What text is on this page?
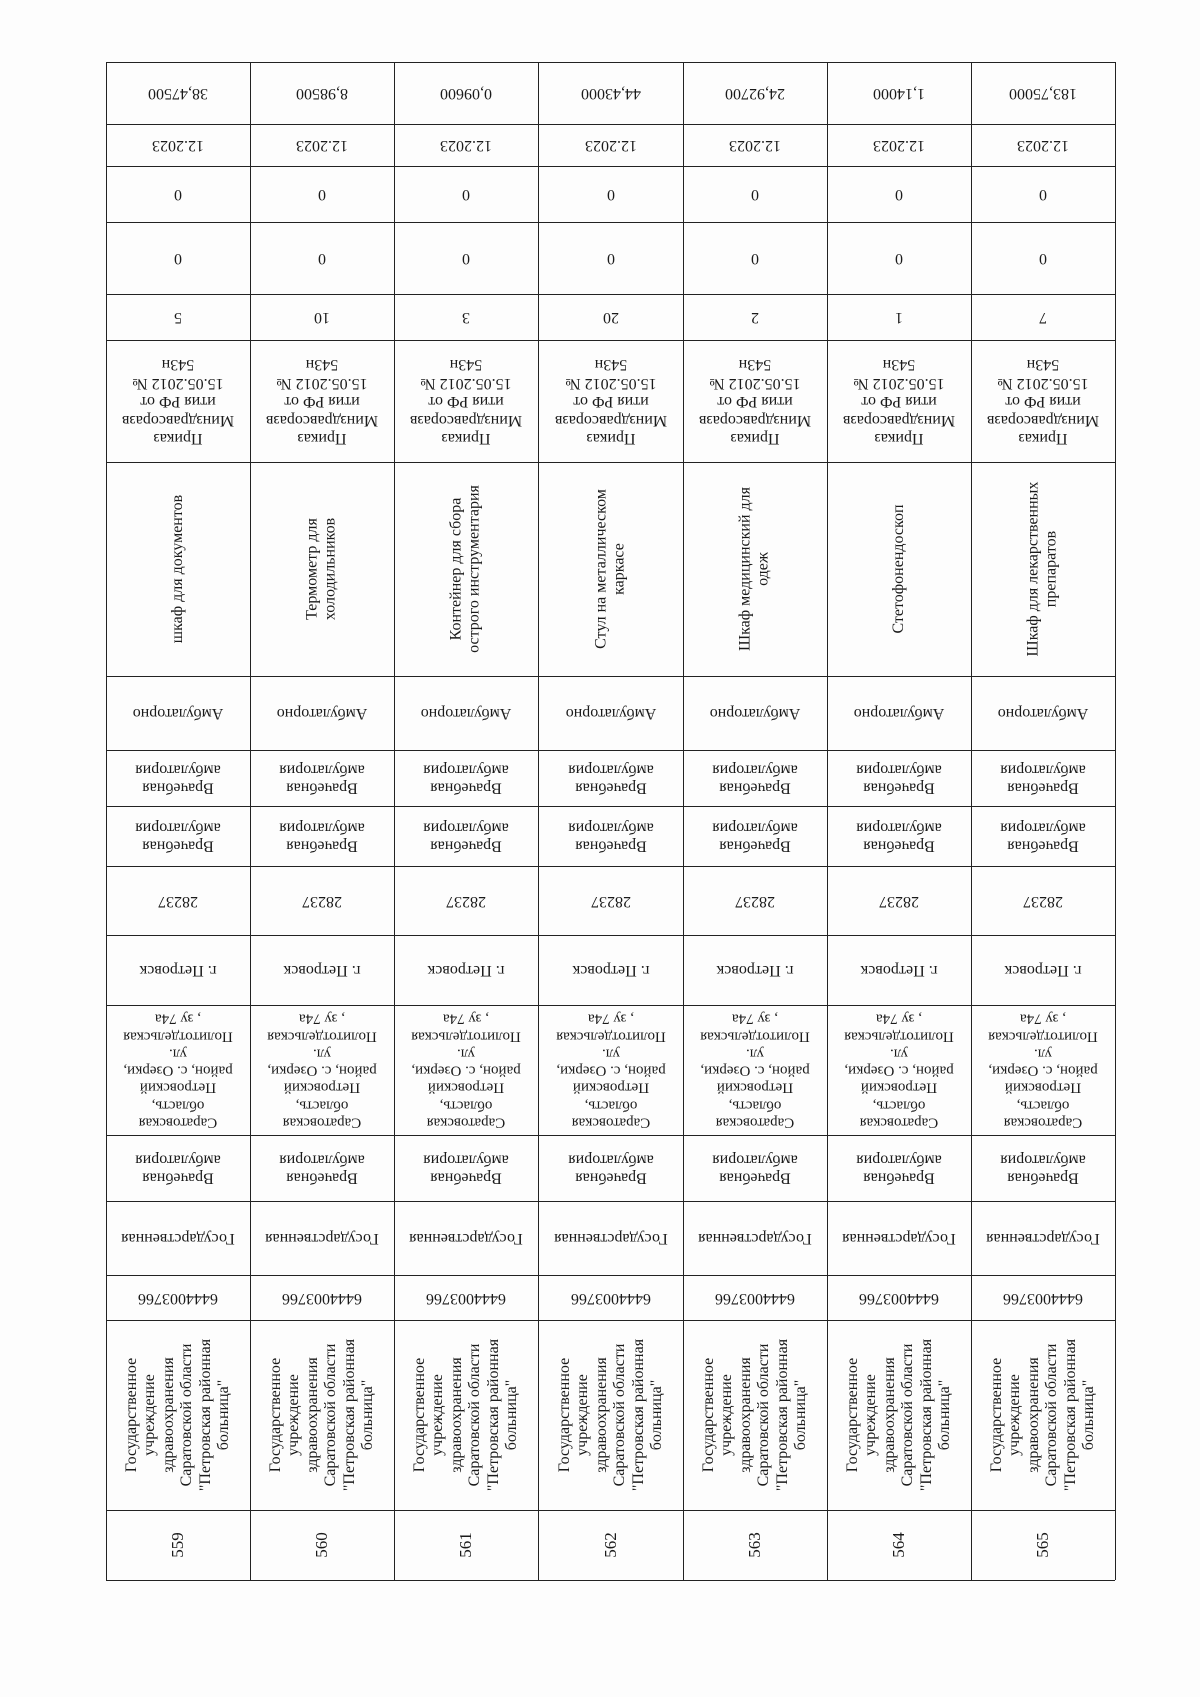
38,47500
12.2023
0
0
5
Приказ
Минздравсоразв
ития РФ от
15.05.2012 №
543н
шкаф для документов
Амбулаторно
Врачебная
амбулатория
Врачебная
амбулатория
28237
г. Петровск
Саратовская
область,
Петровский
район, с. Озерки,
ул.
Политотдельская
, зу 74а
Врачебная
амбулатория
Государственная
6444003766
Государственное
учреждение
здравоохранения
Саратовской области
"Петровская районная
больница"
559
8,98500
12.2023
0
0
10
Приказ
Минздравсоразв
ития РФ от
15.05.2012 №
543н
Термометр для
холодильников
Амбулаторно
Врачебная
амбулатория
Врачебная
амбулатория
28237
г. Петровск
Саратовская
область,
Петровский
район, с. Озерки,
ул.
Политотдельская
, зу 74а
Врачебная
амбулатория
Государственная
6444003766
Государственное
учреждение
здравоохранения
Саратовской области
"Петровская районная
больница"
560
0,09600
12.2023
0
0
3
Приказ
Минздравсоразв
ития РФ от
15.05.2012 №
543н
Контейнер для сбора
острого инструментария
Амбулаторно
Врачебная
амбулатория
Врачебная
амбулатория
28237
г. Петровск
Саратовская
область,
Петровский
район, с. Озерки,
ул.
Политотдельская
, зу 74а
Врачебная
амбулатория
Государственная
6444003766
Государственное
учреждение
здравоохранения
Саратовской области
"Петровская районная
больница"
561
44,43000
12.2023
0
0
20
Приказ
Минздравсоразв
ития РФ от
15.05.2012 №
543н
Стул на металлическом
каркасе
Амбулаторно
Врачебная
амбулатория
Врачебная
амбулатория
28237
г. Петровск
Саратовская
область,
Петровский
район, с. Озерки,
ул.
Политотдельская
, зу 74а
Врачебная
амбулатория
Государственная
6444003766
Государственное
учреждение
здравоохранения
Саратовской области
"Петровская районная
больница"
562
24,92700
12.2023
0
0
2
Приказ
Минздравсоразв
ития РФ от
15.05.2012 №
543н
Шкаф медицинский для
одеж
Амбулаторно
Врачебная
амбулатория
Врачебная
амбулатория
28237
г. Петровск
Саратовская
область,
Петровский
район, с. Озерки,
ул.
Политотдельская
, зу 74а
Врачебная
амбулатория
Государственная
6444003766
Государственное
учреждение
здравоохранения
Саратовской области
"Петровская районная
больница"
563
1,14000
12.2023
0
0
1
Приказ
Минздравсоразв
ития РФ от
15.05.2012 №
543н
Стетофонендоскоп
Амбулаторно
Врачебная
амбулатория
Врачебная
амбулатория
28237
г. Петровск
Саратовская
область,
Петровский
район, с. Озерки,
ул.
Политотдельская
, зу 74а
Врачебная
амбулатория
Государственная
6444003766
Государственное
учреждение
здравоохранения
Саратовской области
"Петровская районная
больница"
564
183,75000
12.2023
0
0
7
Приказ
Минздравсоразв
ития РФ от
15.05.2012 №
543н
Шкаф для лекарственных
препаратов
Амбулаторно
Врачебная
амбулатория
Врачебная
амбулатория
28237
г. Петровск
Саратовская
область,
Петровский
район, с. Озерки,
ул.
Политотдельская
, зу 74а
Врачебная
амбулатория
Государственная
6444003766
Государственное
учреждение
здравоохранения
Саратовской области
"Петровская районная
больница"
565
